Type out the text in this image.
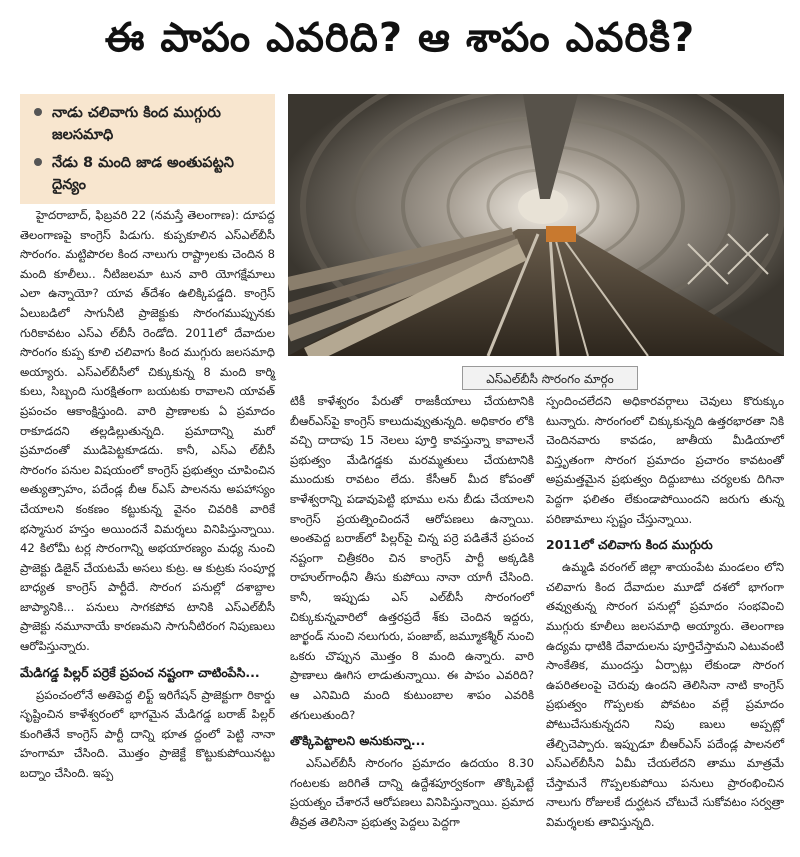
ఈ పాపం ఎవరిది? ఆ శాపం ఎవరికి?
నాడు చలివాగు కింద ముగ్గురు జలసమాధి
నేడు 8 మంది జాడ అంతుపట్టని దైన్యం
ఎస్ఎల్‌బీసీ సొరంగం మార్గం

హైదరాబాద్, ఫిబ్రవరి 22 (నమస్తే తెలంగాణ): దూపద్ద తెలంగాణపై కాంగ్రెస్ పిడుగు. కుప్పకూలిన ఎస్ఎల్‌బీసీ సొరంగం. మట్టిపొరల కింద నాలుగు రాష్ట్రాలకు చెందిన 8 మంది కూలీలు.. నీటిజలమా టున వారి యోగక్షేమాలు ఎలా ఉన్నాయో? యావ త్‌దేశం ఉలిక్కిపడ్డది. కాంగ్రెస్ ఏలుబడిలో సాగునీటి ప్రాజెక్టుకు సొరంగముప్పునకు గురికావటం ఎస్ఎ ల్‌బీసీ రెండోది. 2011లో దేవాదుల సొరంగం కుప్ప కూలి చలివాగు కింద ముగ్గురు జలసమాధి అయ్యారు. ఎస్ఎల్‌బీసీలో చిక్కుకున్న 8 మంది కార్మి కులు, సిబ్బంది సురక్షితంగా బయటకు రావాలని యావత్ ప్రపంచం ఆకాంక్షిస్తుంది. వారి ప్రాణాలకు ఏ ప్రమాదం రాకూడదని తల్లడిల్లుతున్నది. ప్రమాదాన్ని మరో ప్రమాదంతో ముడిపెట్టకూడదు. కానీ, ఎస్ఎ ల్‌బీసీ సొరంగం పనుల విషయంలో కాంగ్రెస్ ప్రభుత్వం చూపించిన అత్యుత్సాహం, పదేండ్ల బీఆ ర్ఎస్ పాలనను అపహాస్యం చేయాలని కంకణం కట్టుకున్న వైనం చివరికి వారికే భస్మాసుర హస్తం అయిందనే విమర్శలు వినిపిస్తున్నాయి. 42 కిలోమీ టర్ల సొరంగాన్ని అభయారణ్యం మధ్య నుంచి ప్రాజెక్టు డిజైన్ చేయటమే అసలు కుట్ర. ఆ కుట్రకు సంపూర్ణ బాధ్యత కాంగ్రెస్ పార్టీదే. సొరంగ పనుల్లో దశాబ్దాల జాప్యానికి... పనులు సాగకపోవ టానికి ఎస్ఎల్‌బీసీ ప్రాజెక్టు నమూనాయే కారణమని సాగునీటిరంగ నిపుణులు ఆరోపిస్తున్నారు.

మేడిగడ్డ పిల్లర్ పర్రెకే ప్రపంచ నష్టంగా చాటింపేసి...

ప్రపంచంలోనే అతిపెద్ద లిఫ్ట్ ఇరిగేషన్ ప్రాజెక్టుగా రికార్డు సృష్టించిన కాళేశ్వరంలో భాగమైన మేడిగడ్డ బరాజ్ పిల్లర్ కుంగితేనే కాంగ్రెస్ పార్టీ దాన్ని భూత ద్దంలో పెట్టి నానా హంగామా చేసింది. మొత్తం ప్రాజెక్టే కొట్టుకుపోయినట్టు బద్నాం చేసింది. ఇప్ప

టికీ కాళేశ్వరం పేరుతో రాజకీయాలు చేయటానికి బీఆర్ఎస్‌పై కాంగ్రెస్ కాలుదువ్వుతున్నది. అధికారం లోకి వచ్చి దాదాపు 15 నెలలు పూర్తి కావస్తున్నా కావాలనే ప్రభుత్వం మేడిగడ్డకు మరమ్మతులు చేయటానికి ముందుకు రావటం లేదు. కేసీఆర్ మీద కోపంతో కాళేశ్వరాన్ని పడావుపెట్టి భూము లను బీడు చేయాలని కాంగ్రెస్ ప్రయత్నించిందనే ఆరోపణలు ఉన్నాయి. అంతపెద్ద బరాజ్‌లో పిల్లర్‌పై చిన్న పర్రె పడితేనే ప్రపంచ నష్టంగా చిత్రీకరిం చిన కాంగ్రెస్ పార్టీ అక్కడికి రాహుల్‌గాంధీని తీసు కుపోయి నానా యాగీ చేసింది. కానీ, ఇప్పుడు ఎస్ ఎల్‌బీసీ సొరంగంలో చిక్కుకున్నవారిలో ఉత్తరప్రదే శ్‌కు చెందిన ఇద్దరు, జార్ఖండ్ నుంచి నలుగురు, పంజాబ్, జమ్మూకశ్మీర్ నుంచి ఒకరు చొప్పున మొత్తం 8 మంది ఉన్నారు. వారి ప్రాణాలు ఊగిస లాడుతున్నాయి. ఈ పాపం ఎవరిది? ఆ ఎనిమిది మంది కుటుంబాల శాపం ఎవరికి తగులుతుంది?

తొక్కిపెట్టాలని అనుకున్నా...

ఎస్ఎల్‌బీసీ సొరంగం ప్రమాదం ఉదయం 8.30 గంటలకు జరిగితే దాన్ని ఉద్దేశపూర్వకంగా తొక్కిపెట్టే ప్రయత్నం చేశారనే ఆరోపణలు వినిపిస్తున్నాయి. ప్రమాద తీవ్రత తెలిసినా ప్రభుత్వ పెద్దలు పెద్దగా

స్పందించలేదని అధికారవర్గాలు చెవులు కొరుక్కుం టున్నారు. సొరంగంలో చిక్కుకున్నది ఉత్తరభారతా నికి చెందినవారు కావడం, జాతీయ మీడియాలో విస్తృతంగా సొరంగ ప్రమాదం ప్రచారం కావటంతో అప్రమత్తమైన ప్రభుత్వం దిద్దుబాటు చర్యలకు దిగినా పెద్దగా ఫలితం లేకుండాపోయిందని జరుగు తున్న పరిణామాలు స్పష్టం చేస్తున్నాయి.

2011లో చలివాగు కింద ముగ్గురు

ఉమ్మడి వరంగల్ జిల్లా శాయంపేట మండలం లోని చలివాగు కింద దేవాదుల మూడో దశలో భాగంగా తవ్వుతున్న సొరంగ పనుల్లో ప్రమాదం సంభవించి ముగ్గురు కూలీలు జలసమాధి అయ్యారు. తెలంగాణ ఉద్యమ ధాటికి దేవాదులను పూర్తిచేస్తామని ఎటువంటి సాంకేతిక, ముందస్తు ఏర్పాట్లు లేకుండా సొరంగ ఉపరితలంపై చెరువు ఉందని తెలిసినా నాటి కాంగ్రెస్ ప్రభుత్వం గొప్పలకు పోవటం వల్లే ప్రమాదం పోటుచేసుకున్నదని నిపు ణులు అప్పట్లో తేల్చిచెప్పారు. ఇప్పుడూ బీఆర్ఎస్ పదేండ్ల పాలనలో ఎస్ఎల్‌బీసీని ఏమీ చేయలేదని తాము మాత్రమే చేస్తామనే గొప్పలకుపోయి పనులు ప్రారంభించిన నాలుగు రోజులకే దుర్ఘటన చోటుచే సుకోవటం సర్వత్రా విమర్శలకు తావిస్తున్నది.
